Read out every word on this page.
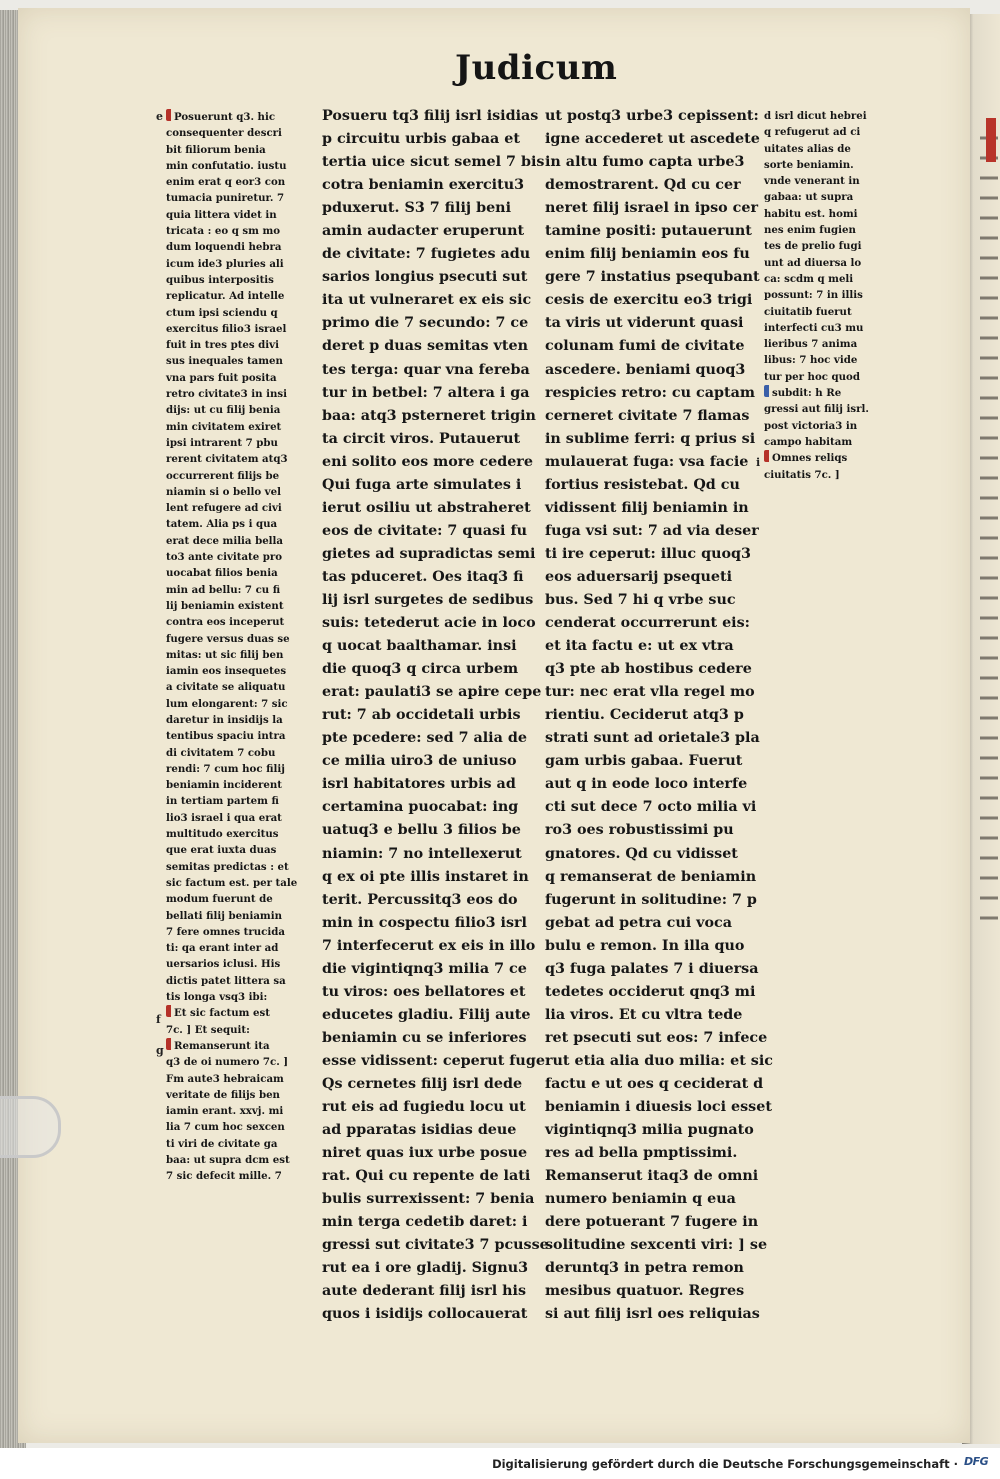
Judicum
Posuerunt q3. hic
consequenter descri
bit filiorum benia
min confutatio. iustu
enim erat q eor3 con
tumacia puniretur. 7
quia littera videt in
tricata : eo q sm mo
dum loquendi hebra
icum ide3 pluries ali
quibus interpositis
replicatur. Ad intelle
ctum ipsi sciendu q
exercitus filio3 israel
fuit in tres ptes divi
sus inequales tamen
vna pars fuit posita
retro civitate3 in insi
dijs: ut cu filij benia
min civitatem exiret
ipsi intrarent 7 pbu
rerent civitatem atq3
occurrerent filijs be
niamin si o bello vel
lent refugere ad civi
tatem. Alia ps i qua
erat dece milia bella
to3 ante civitate pro
uocabat filios benia
min ad bellu: 7 cu fi
lij beniamin existent
contra eos inceperut
fugere versus duas se
mitas: ut sic filij ben
iamin eos insequetes
a civitate se aliquatu
lum elongarent: 7 sic
daretur in insidijs la
tentibus spaciu intra
di civitatem 7 cobu
rendi: 7 cum hoc filij
beniamin inciderent
in tertiam partem fi
lio3 israel i qua erat
multitudo exercitus
que erat iuxta duas
semitas predictas : et
sic factum est. per tale
modum fuerunt de
bellati filij beniamin
7 fere omnes trucida
ti: qa erant inter ad
uersarios iclusi. His
dictis patet littera sa
tis longa vsq3 ibi:
Et sic factum est
7c. ] Et sequit:
Remanserunt ita
q3 de oi numero 7c. ]
Fm aute3 hebraicam
veritate de filijs ben
iamin erant. xxvj. mi
lia 7 cum hoc sexcen
ti viri de civitate ga
baa: ut supra dcm est
7 sic defecit mille. 7
Posueru tq3 filij isrl isidias
p circuitu urbis gabaa et
tertia uice sicut semel 7 bis
cotra beniamin exercitu3
pduxerut. S3 7 filij beni
amin audacter eruperunt
de civitate: 7 fugietes adu
sarios longius psecuti sut
ita ut vulneraret ex eis sic
primo die 7 secundo: 7 ce
deret p duas semitas vten
tes terga: quar vna fereba
tur in betbel: 7 altera i ga
baa: atq3 psterneret trigin
ta circit viros. Putauerut
eni solito eos more cedere
Qui fuga arte simulates i
ierut osiliu ut abstraheret
eos de civitate: 7 quasi fu
gietes ad supradictas semi
tas pduceret. Oes itaq3 fi
lij isrl surgetes de sedibus
suis: tetederut acie in loco
q uocat baalthamar. insi
die quoq3 q circa urbem
erat: paulati3 se apire cepe
rut: 7 ab occidetali urbis
pte pcedere: sed 7 alia de
ce milia uiro3 de uniuso
isrl habitatores urbis ad
certamina puocabat: ing
uatuq3 e bellu 3 filios be
niamin: 7 no intellexerut
q ex oi pte illis instaret in
terit. Percussitq3 eos do
min in cospectu filio3 isrl
7 interfecerut ex eis in illo
die vigintiqnq3 milia 7 ce
tu viros: oes bellatores et
educetes gladiu. Filij aute
beniamin cu se inferiores
esse vidissent: ceperut fuge
Qs cernetes filij isrl dede
rut eis ad fugiedu locu ut
ad pparatas isidias deue
niret quas iux urbe posue
rat. Qui cu repente de lati
bulis surrexissent: 7 benia
min terga cedetib daret: i
gressi sut civitate3 7 pcusse
rut ea i ore gladij. Signu3
aute dederant filij isrl his
quos i isidijs collocauerat
ut postq3 urbe3 cepissent:
igne accederet ut ascedete
in altu fumo capta urbe3
demostrarent. Qd cu cer
neret filij israel in ipso cer
tamine positi: putauerunt
enim filij beniamin eos fu
gere 7 instatius psequbant
cesis de exercitu eo3 trigi
ta viris ut viderunt quasi
colunam fumi de civitate
ascedere. beniami quoq3
respicies retro: cu captam
cerneret civitate 7 flamas
in sublime ferri: q prius si
mulauerat fuga: vsa facie
fortius resistebat. Qd cu
vidissent filij beniamin in
fuga vsi sut: 7 ad via deser
ti ire ceperut: illuc quoq3
eos aduersarij psequeti
bus. Sed 7 hi q vrbe suc
cenderat occurrerunt eis:
et ita factu e: ut ex vtra
q3 pte ab hostibus cedere
tur: nec erat vlla regel mo
rientiu. Ceciderut atq3 p
strati sunt ad orietale3 pla
gam urbis gabaa. Fuerut
aut q in eode loco interfe
cti sut dece 7 octo milia vi
ro3 oes robustissimi pu
gnatores. Qd cu vidisset
q remanserat de beniamin
fugerunt in solitudine: 7 p
gebat ad petra cui voca
bulu e remon. In illa quo
q3 fuga palates 7 i diuersa
tedetes occiderut qnq3 mi
lia viros. Et cu vltra tede
ret psecuti sut eos: 7 infece
rut etia alia duo milia: et sic
factu e ut oes q ceciderat d
beniamin i diuesis loci esset
vigintiqnq3 milia pugnato
res ad bella pmptissimi.
Remanserut itaq3 de omni
numero beniamin q eua
dere potuerant 7 fugere in
solitudine sexcenti viri: ] se
deruntq3 in petra remon
mesibus quatuor. Regres
si aut filij isrl oes reliquias
d isrl dicut hebrei
q refugerut ad ci
uitates alias de
sorte beniamin.
vnde venerant in
gabaa: ut supra
habitu est. homi
nes enim fugien
tes de prelio fugi
unt ad diuersa lo
ca: scdm q meli
possunt: 7 in illis
ciuitatib fuerut
interfecti cu3 mu
lieribus 7 anima
libus: 7 hoc vide
tur per hoc quod
subdit: h Re
gressi aut filij isrl.
post victoria3 in
campo habitam
Omnes reliqs
ciuitatis 7c. ]
e
f
g
i
Digitalisierung gefördert durch die Deutsche Forschungsgemeinschaft · DFG
